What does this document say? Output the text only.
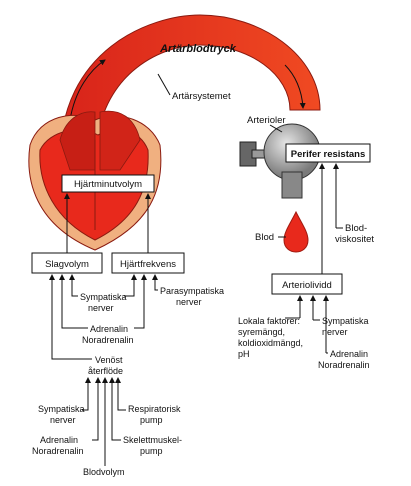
Artärblodtryck
Artärsystemet
Hjärtminutvolym
Arterioler
Perifer resistans
Blod
Blod-
viskositet
Arteriolividd
Lokala faktorer:
syremängd,
koldioxidmängd,
pH
Sympatiska
nerver
Adrenalin
Noradrenalin
Slagvolym	Hjärtfrekvens
Sympatiska
nerver
Parasympatiska
nerver
Adrenalin
Noradrenalin
Venöst
återflöde
Sympatiska
nerver
Adrenalin
Noradrenalin
Respiratorisk
pump
Skelettmuskel-
pump
Blodvolym
